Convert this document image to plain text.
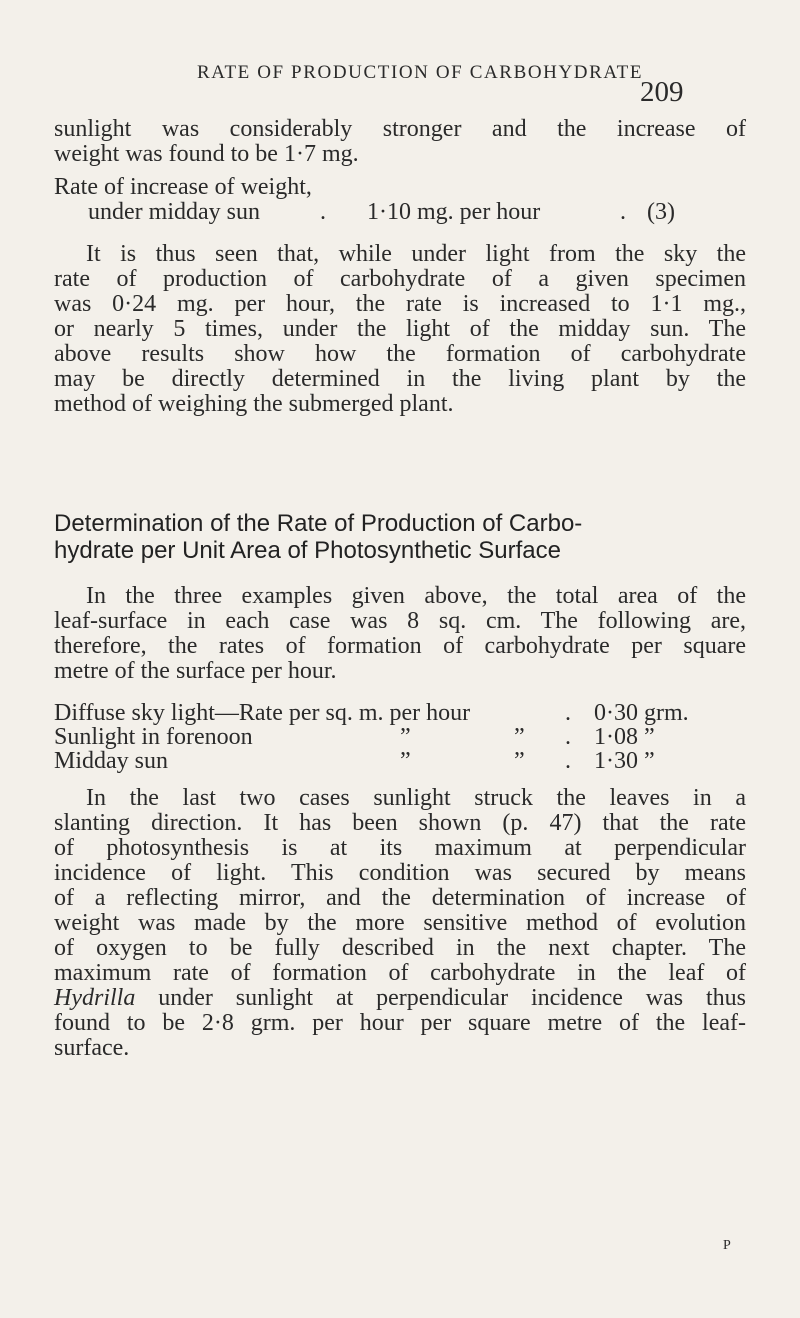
RATE OF PRODUCTION OF CARBOHYDRATE
209
sunlight was considerably stronger and the increase of
weight was found to be 1·7 mg.
Rate of increase of weight,
under midday sun	. 1·10 mg. per hour	. (3)
It is thus seen that, while under light from the sky the
rate of production of carbohydrate of a given specimen
was 0·24 mg. per hour, the rate is increased to 1·1 mg.,
or nearly 5 times, under the light of the midday sun. The
above results show how the formation of carbohydrate
may be directly determined in the living plant by the
method of weighing the submerged plant.
Determination of the Rate of Production of Carbo-
hydrate per Unit Area of Photosynthetic Surface
In the three examples given above, the total area of the
leaf-surface in each case was 8 sq. cm. The following are,
therefore, the rates of formation of carbohydrate per square
metre of the surface per hour.
Diffuse sky light—Rate per sq. m. per hour	. 0·30 grm.
Sunlight in forenoon	”	” . 1·08 ”
Midday sun	”	” . 1·30 ”
In the last two cases sunlight struck the leaves in a
slanting direction. It has been shown (p. 47) that the rate
of photosynthesis is at its maximum at perpendicular
incidence of light. This condition was secured by means
of a reflecting mirror, and the determination of increase of
weight was made by the more sensitive method of evolution
of oxygen to be fully described in the next chapter. The
maximum rate of formation of carbohydrate in the leaf of
Hydrilla under sunlight at perpendicular incidence was thus
found to be 2·8 grm. per hour per square metre of the leaf-
surface.
P
